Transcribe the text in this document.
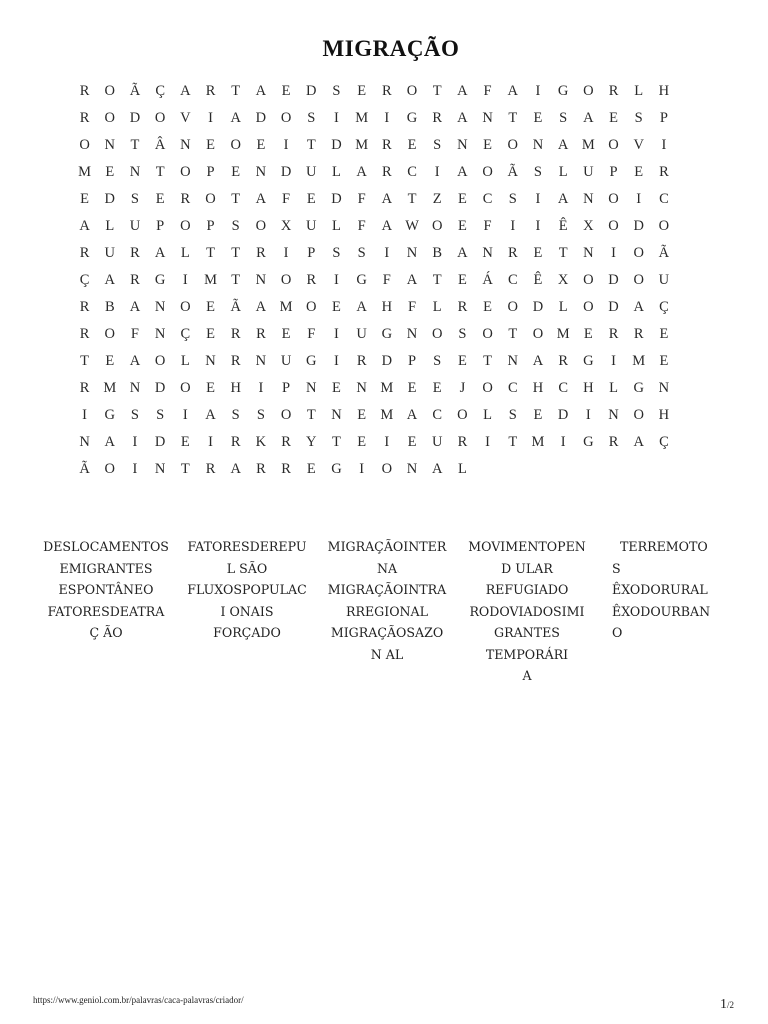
MIGRAÇÃO
R	O	Ã	Ç	A	R	T	A	E	D	S	E	R	O	T	A	F	A	I	G	O	R	L	H
R	O	D	O	V	I	A	D	O	S	I	M	I	G	R	A	N	T	E	S	A	E	S	P
O	N	T	Â	N	E	O	E	I	T	D M R	E	S	N	E	O	N	A M O	V	I
M E	N	T	O	P	E	N	D	U	L	A	R	C	I	A	O	Ã	S	L	U	P	E	R
E	D	S	E	R	O	T	A	F	E	D	F	A	T	Z	E	C	S	I	A	N	O	I	C
A	L	U	P	O	P	S	O	X	U	L	F	A W O	E	F	I	I	Ê	X	O	D	O
R	U	R	A	L	T	T	R	I	P	S	S	I	N	B	A	N	R	E	T	N	I	O	Ã
Ç	A	R	G	I	M T	N	O	R	I	G	F	A	T	E	Á	C	Ê	X	O	D	O	U
R	B	A	N	O	E	Ã	A M O	E	A	H	F	L	R	E	O	D	L	O	D	A	Ç
R	O	F	N	Ç	E	R	R	E	F	I	U	G	N	O	S	O	T	O M E	R	R	E
T	E	A	O	L	N	R	N	U	G	I	R	D	P	S	E	T	N	A	R	G	I	M E
R M N	D	O	E	H	I	P	N	E	N M E	E	J	O	C	H	C	H	L	G	N
I	G	S	S	I	A	S	S	O	T	N	E M A	C	O	L	S	E	D	I	N	O	H
N	A	I	D	E	I	R	K	R	Y	T	E	I	E	U	R	I	T M	I	G	R	A	Ç
Ã	O	I	N	T	R	A	R	R	E	G	I	O	N	A	L
DESLOCAMENTOS
EMIGRANTES
ESPONTÂNEO
FATORESDEATRA
Ç ÃO
FATORESDEREPU
L SÃO
FLUXOSPOPULAC
I ONAIS
FORÇADO
MIGRAÇÃOINTER
NA
MIGRAÇÃOINTRA
RREGIONAL
MIGRAÇÃOSAZO
N AL
MOVIMENTOPEN
D ULAR
REFUGIADO
RODOVIADOSIMI
GRANTES
TEMPORÁRI
A
TERREMOTO
S
ÊXODORURAL
ÊXODOURBAN
O
https://www.geniol.com.br/palavras/caca-palavras/criador/	1/2
